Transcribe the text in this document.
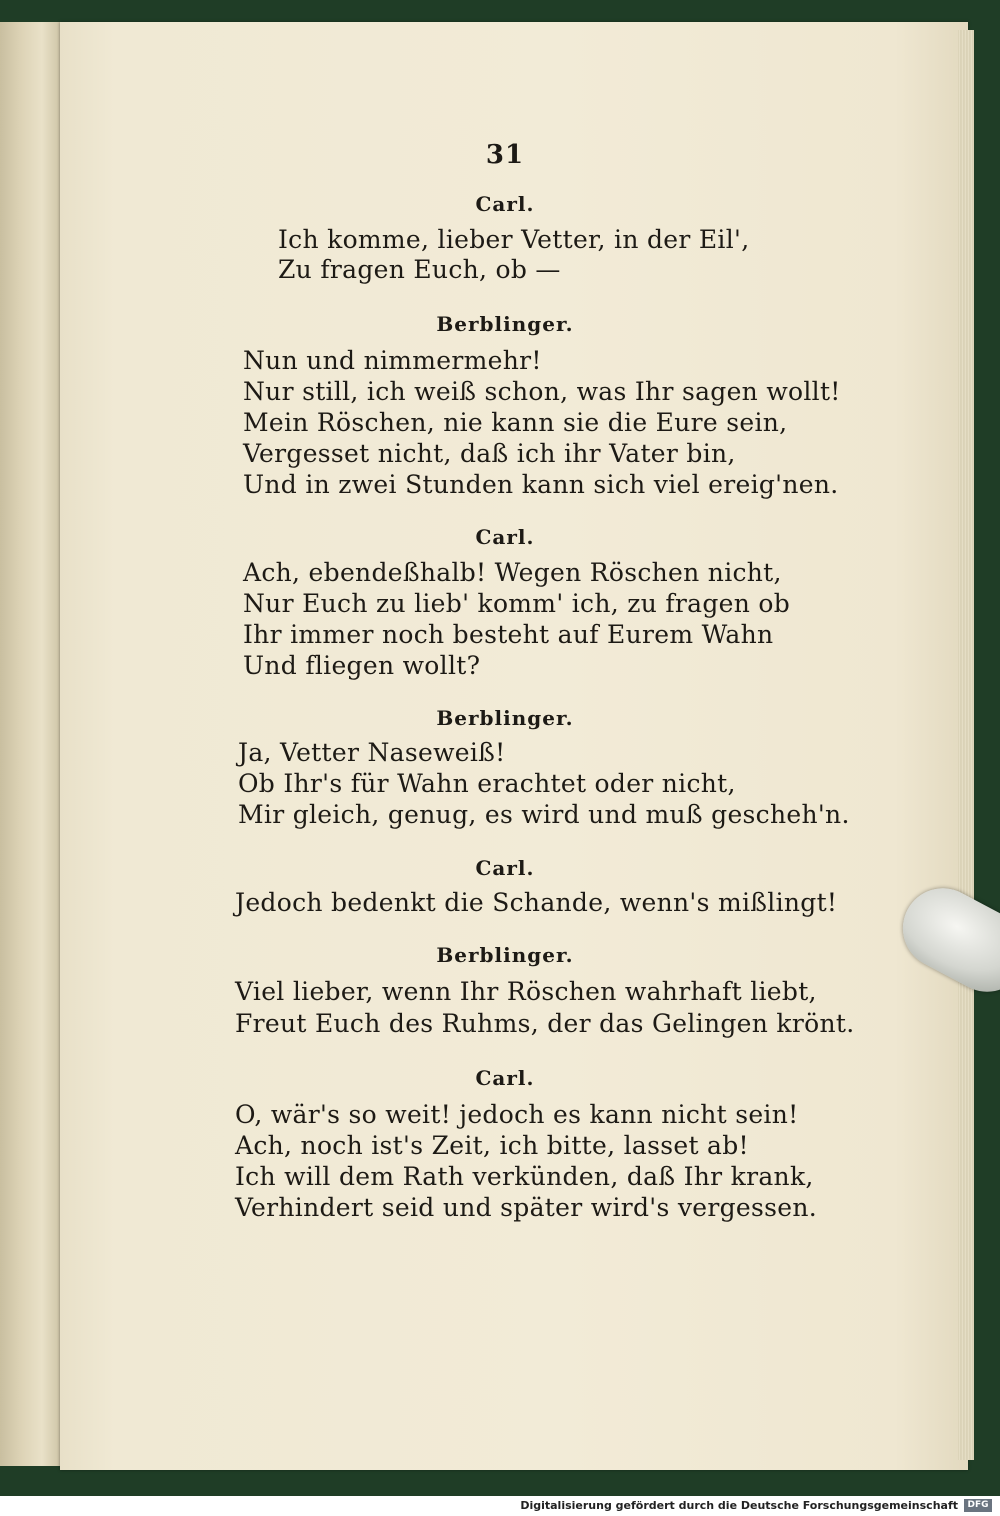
31
Carl.
Ich komme, lieber Vetter, in der Eil',
Zu fragen Euch, ob —
Berblinger.
Nun und nimmermehr!
Nur still, ich weiß schon, was Ihr sagen wollt!
Mein Röschen, nie kann sie die Eure sein,
Vergesset nicht, daß ich ihr Vater bin,
Und in zwei Stunden kann sich viel ereig'nen.
Carl.
Ach, ebendeßhalb! Wegen Röschen nicht,
Nur Euch zu lieb' komm' ich, zu fragen ob
Ihr immer noch besteht auf Eurem Wahn
Und fliegen wollt?
Berblinger.
Ja, Vetter Naseweiß!
Ob Ihr's für Wahn erachtet oder nicht,
Mir gleich, genug, es wird und muß gescheh'n.
Carl.
Jedoch bedenkt die Schande, wenn's mißlingt!
Berblinger.
Viel lieber, wenn Ihr Röschen wahrhaft liebt,
Freut Euch des Ruhms, der das Gelingen krönt.
Carl.
O, wär's so weit! jedoch es kann nicht sein!
Ach, noch ist's Zeit, ich bitte, lasset ab!
Ich will dem Rath verkünden, daß Ihr krank,
Verhindert seid und später wird's vergessen.
Digitalisierung gefördert durch die Deutsche Forschungsgemeinschaft	DFG
